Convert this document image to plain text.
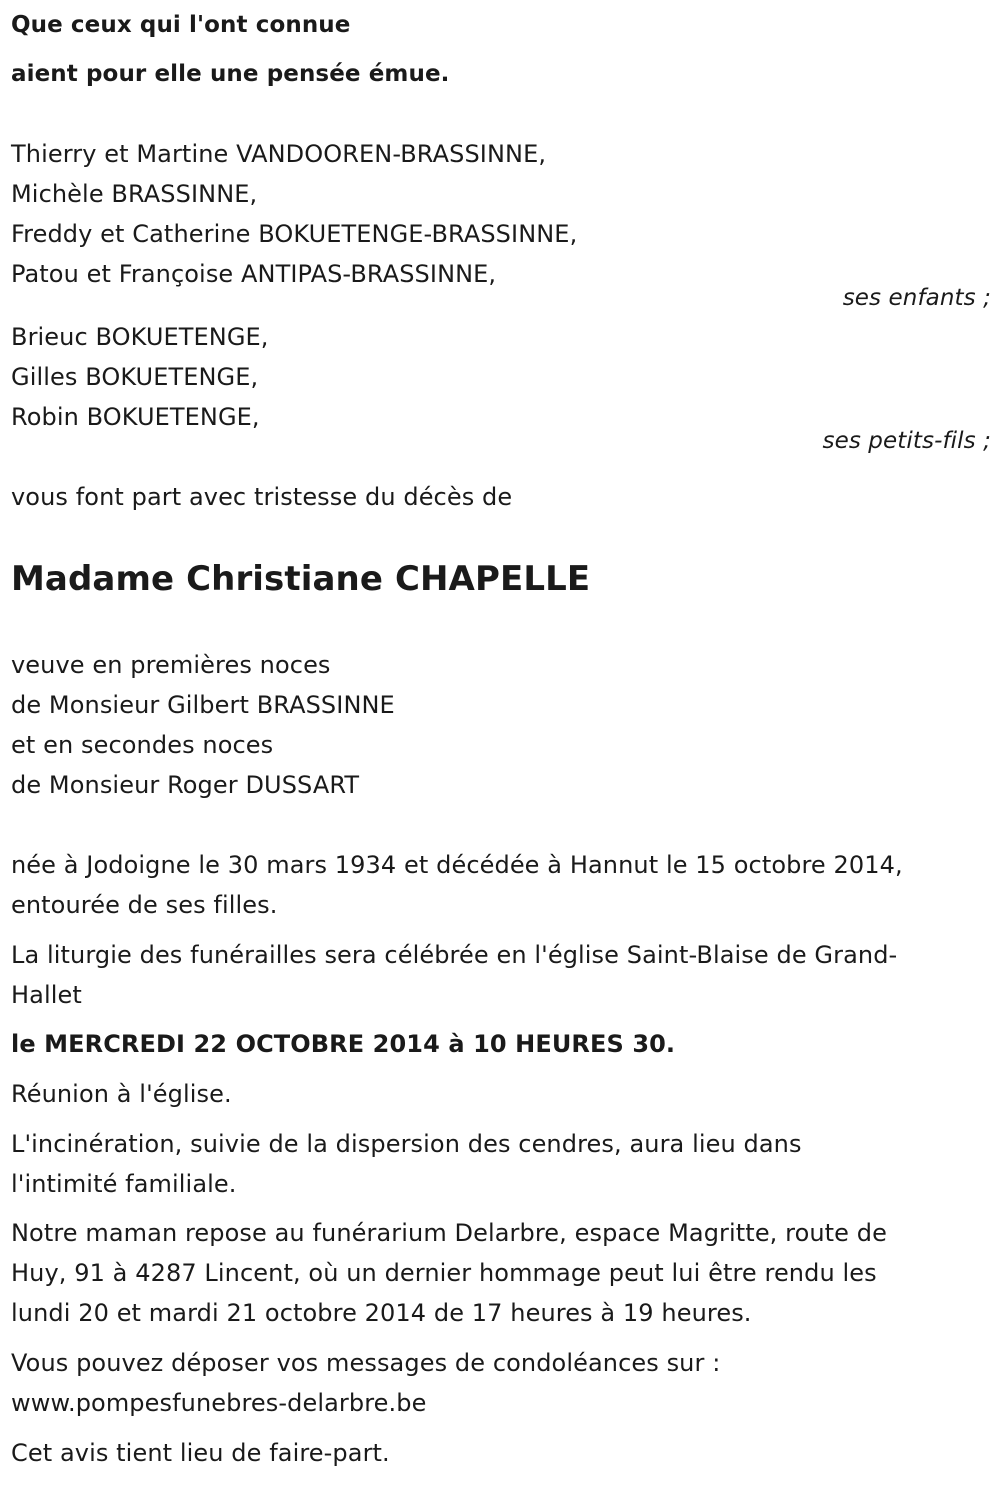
Que ceux qui l'ont connue
aient pour elle une pensée émue.
Thierry et Martine VANDOOREN-BRASSINNE,
Michèle BRASSINNE,
Freddy et Catherine BOKUETENGE-BRASSINNE,
Patou et Françoise ANTIPAS-BRASSINNE,
ses enfants ;
Brieuc BOKUETENGE,
Gilles BOKUETENGE,
Robin BOKUETENGE,
ses petits-fils ;
vous font part avec tristesse du décès de
Madame Christiane CHAPELLE
veuve en premières noces
de Monsieur Gilbert BRASSINNE
et en secondes noces
de Monsieur Roger DUSSART
née à Jodoigne le 30 mars 1934 et décédée à Hannut le 15 octobre 2014,
entourée de ses filles.
La liturgie des funérailles sera célébrée en l'église Saint-Blaise de Grand-
Hallet
le MERCREDI 22 OCTOBRE 2014 à 10 HEURES 30.
Réunion à l'église.
L'incinération, suivie de la dispersion des cendres, aura lieu dans
l'intimité familiale.
Notre maman repose au funérarium Delarbre, espace Magritte, route de
Huy, 91 à 4287 Lincent, où un dernier hommage peut lui être rendu les
lundi 20 et mardi 21 octobre 2014 de 17 heures à 19 heures.
Vous pouvez déposer vos messages de condoléances sur :
www.pompesfunebres-delarbre.be
Cet avis tient lieu de faire-part.
